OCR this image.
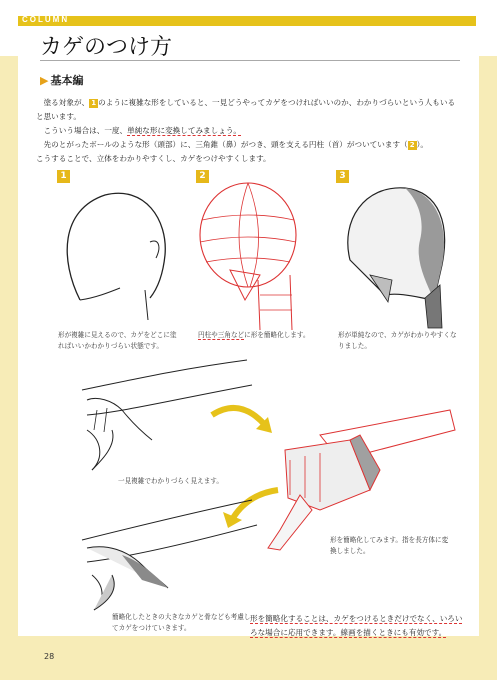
COLUMN
カゲのつけ方
▶ 基本編

　塗る対象が、 1 のように複雑な形をしていると、一見どうやってカゲをつければいいのか、わかりづらいという人もいると思います。

　こういう場合は、一度、単純な形に変換してみましょう。

　先のとがったボールのような形（頭部）に、三角錐（鼻）がつき、頭を支える円柱（首）がついています（ 2 ）。

こうすることで、立体をわかりやすくし、カゲをつけやすくします。

1	2	3
形が複雑に見えるので、カゲをどこに塗ればいいかわかりづらい状態です。
円柱や三角などに形を簡略化します。	形が単純なので、カゲがわかりやすくなりました。
一見複雑でわかりづらく見えます。
形を簡略化してみます。指を長方体に変換しました。
簡略化したときの大きなカゲと骨なども考慮してカゲをつけていきます。
形を簡略化することは、カゲをつけるときだけでなく、いろいろな場合に応用できます。線画を描くときにも有効です。
28
